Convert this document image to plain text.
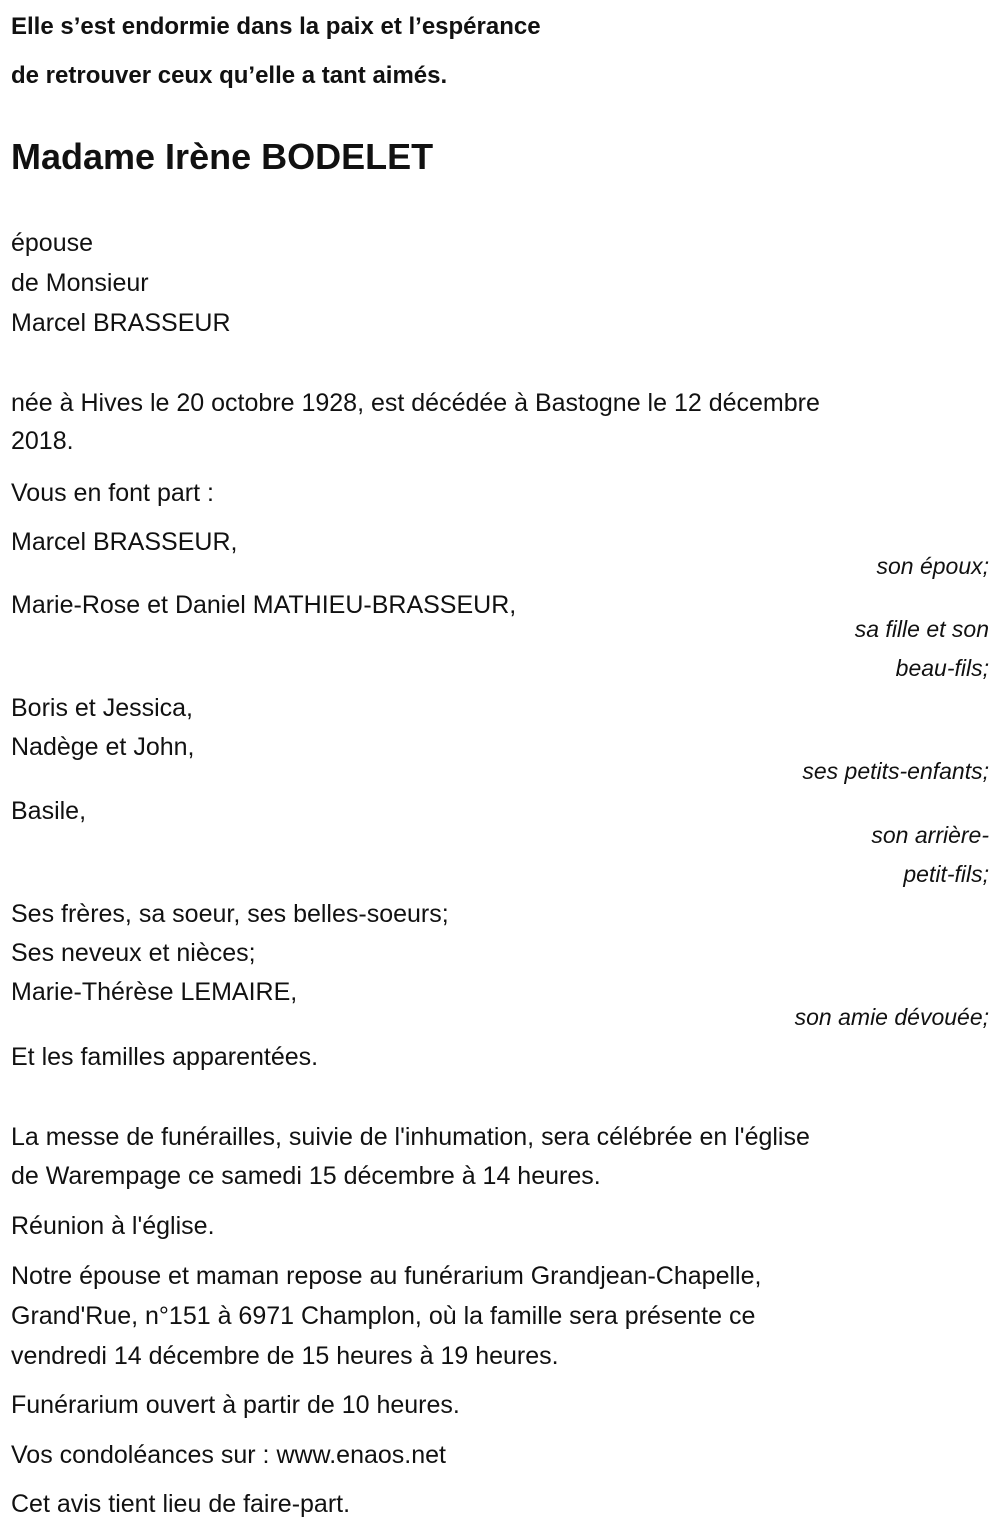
Elle s’est endormie dans la paix et l’espérance
de retrouver ceux qu’elle a tant aimés.
Madame Irène BODELET
épouse
de Monsieur
Marcel BRASSEUR
née à Hives le 20 octobre 1928, est décédée à Bastogne le 12 décembre
2018.
Vous en font part :
Marcel BRASSEUR,
son époux;
Marie-Rose et Daniel MATHIEU-BRASSEUR,
sa fille et son
beau-fils;
Boris et Jessica,
Nadège et John,
ses petits-enfants;
Basile,
son arrière-
petit-fils;
Ses frères, sa soeur, ses belles-soeurs;
Ses neveux et nièces;
Marie-Thérèse LEMAIRE,
son amie dévouée;
Et les familles apparentées.
La messe de funérailles, suivie de l'inhumation, sera célébrée en l'église
de Warempage ce samedi 15 décembre à 14 heures.
Réunion à l'église.
Notre épouse et maman repose au funérarium Grandjean-Chapelle,
Grand'Rue, n°151 à 6971 Champlon, où la famille sera présente ce
vendredi 14 décembre de 15 heures à 19 heures.
Funérarium ouvert à partir de 10 heures.
Vos condoléances sur : www.enaos.net
Cet avis tient lieu de faire-part.
